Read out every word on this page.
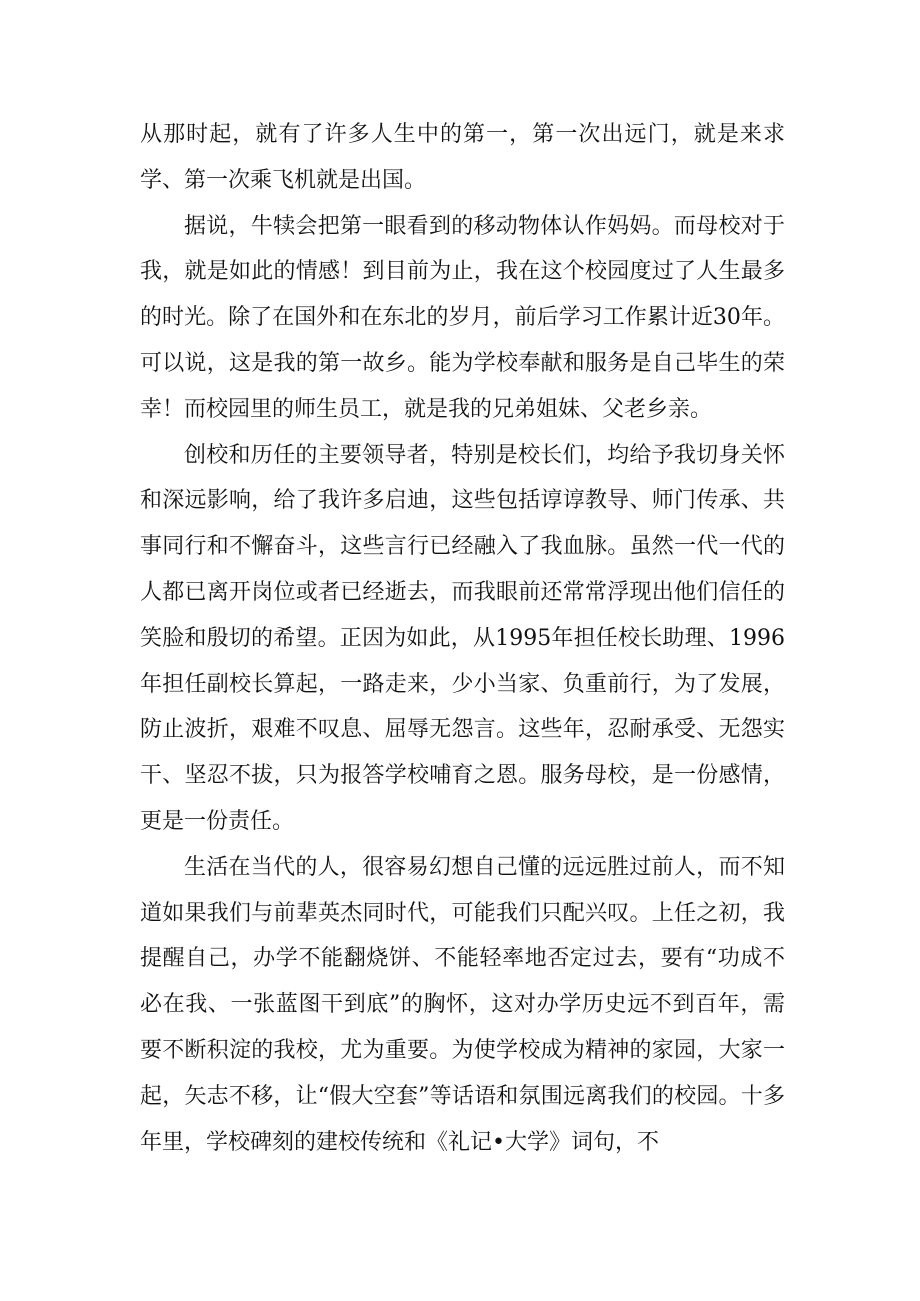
从那时起，就有了许多人生中的第一，第一次出远门，就是来求学、第一次乘飞机就是出国。

据说，牛犊会把第一眼看到的移动物体认作妈妈。而母校对于我，就是如此的情感！到目前为止，我在这个校园度过了人生最多的时光。除了在国外和在东北的岁月，前后学习工作累计近30年。可以说，这是我的第一故乡。能为学校奉献和服务是自己毕生的荣幸！而校园里的师生员工，就是我的兄弟姐妹、父老乡亲。

创校和历任的主要领导者，特别是校长们，均给予我切身关怀和深远影响，给了我许多启迪，这些包括谆谆教导、师门传承、共事同行和不懈奋斗，这些言行已经融入了我血脉。虽然一代一代的人都已离开岗位或者已经逝去，而我眼前还常常浮现出他们信任的笑脸和殷切的希望。正因为如此，从1995年担任校长助理、1996年担任副校长算起，一路走来，少小当家、负重前行，为了发展，防止波折，艰难不叹息、屈辱无怨言。这些年，忍耐承受、无怨实干、坚忍不拔，只为报答学校哺育之恩。服务母校，是一份感情，更是一份责任。

生活在当代的人，很容易幻想自己懂的远远胜过前人，而不知道如果我们与前辈英杰同时代，可能我们只配兴叹。上任之初，我提醒自己，办学不能翻烧饼、不能轻率地否定过去，要有“功成不必在我、一张蓝图干到底”的胸怀，这对办学历史远不到百年，需要不断积淀的我校，尤为重要。为使学校成为精神的家园，大家一起，矢志不移，让“假大空套”等话语和氛围远离我们的校园。十多年里，学校碑刻的建校传统和《礼记•大学》词句，不
